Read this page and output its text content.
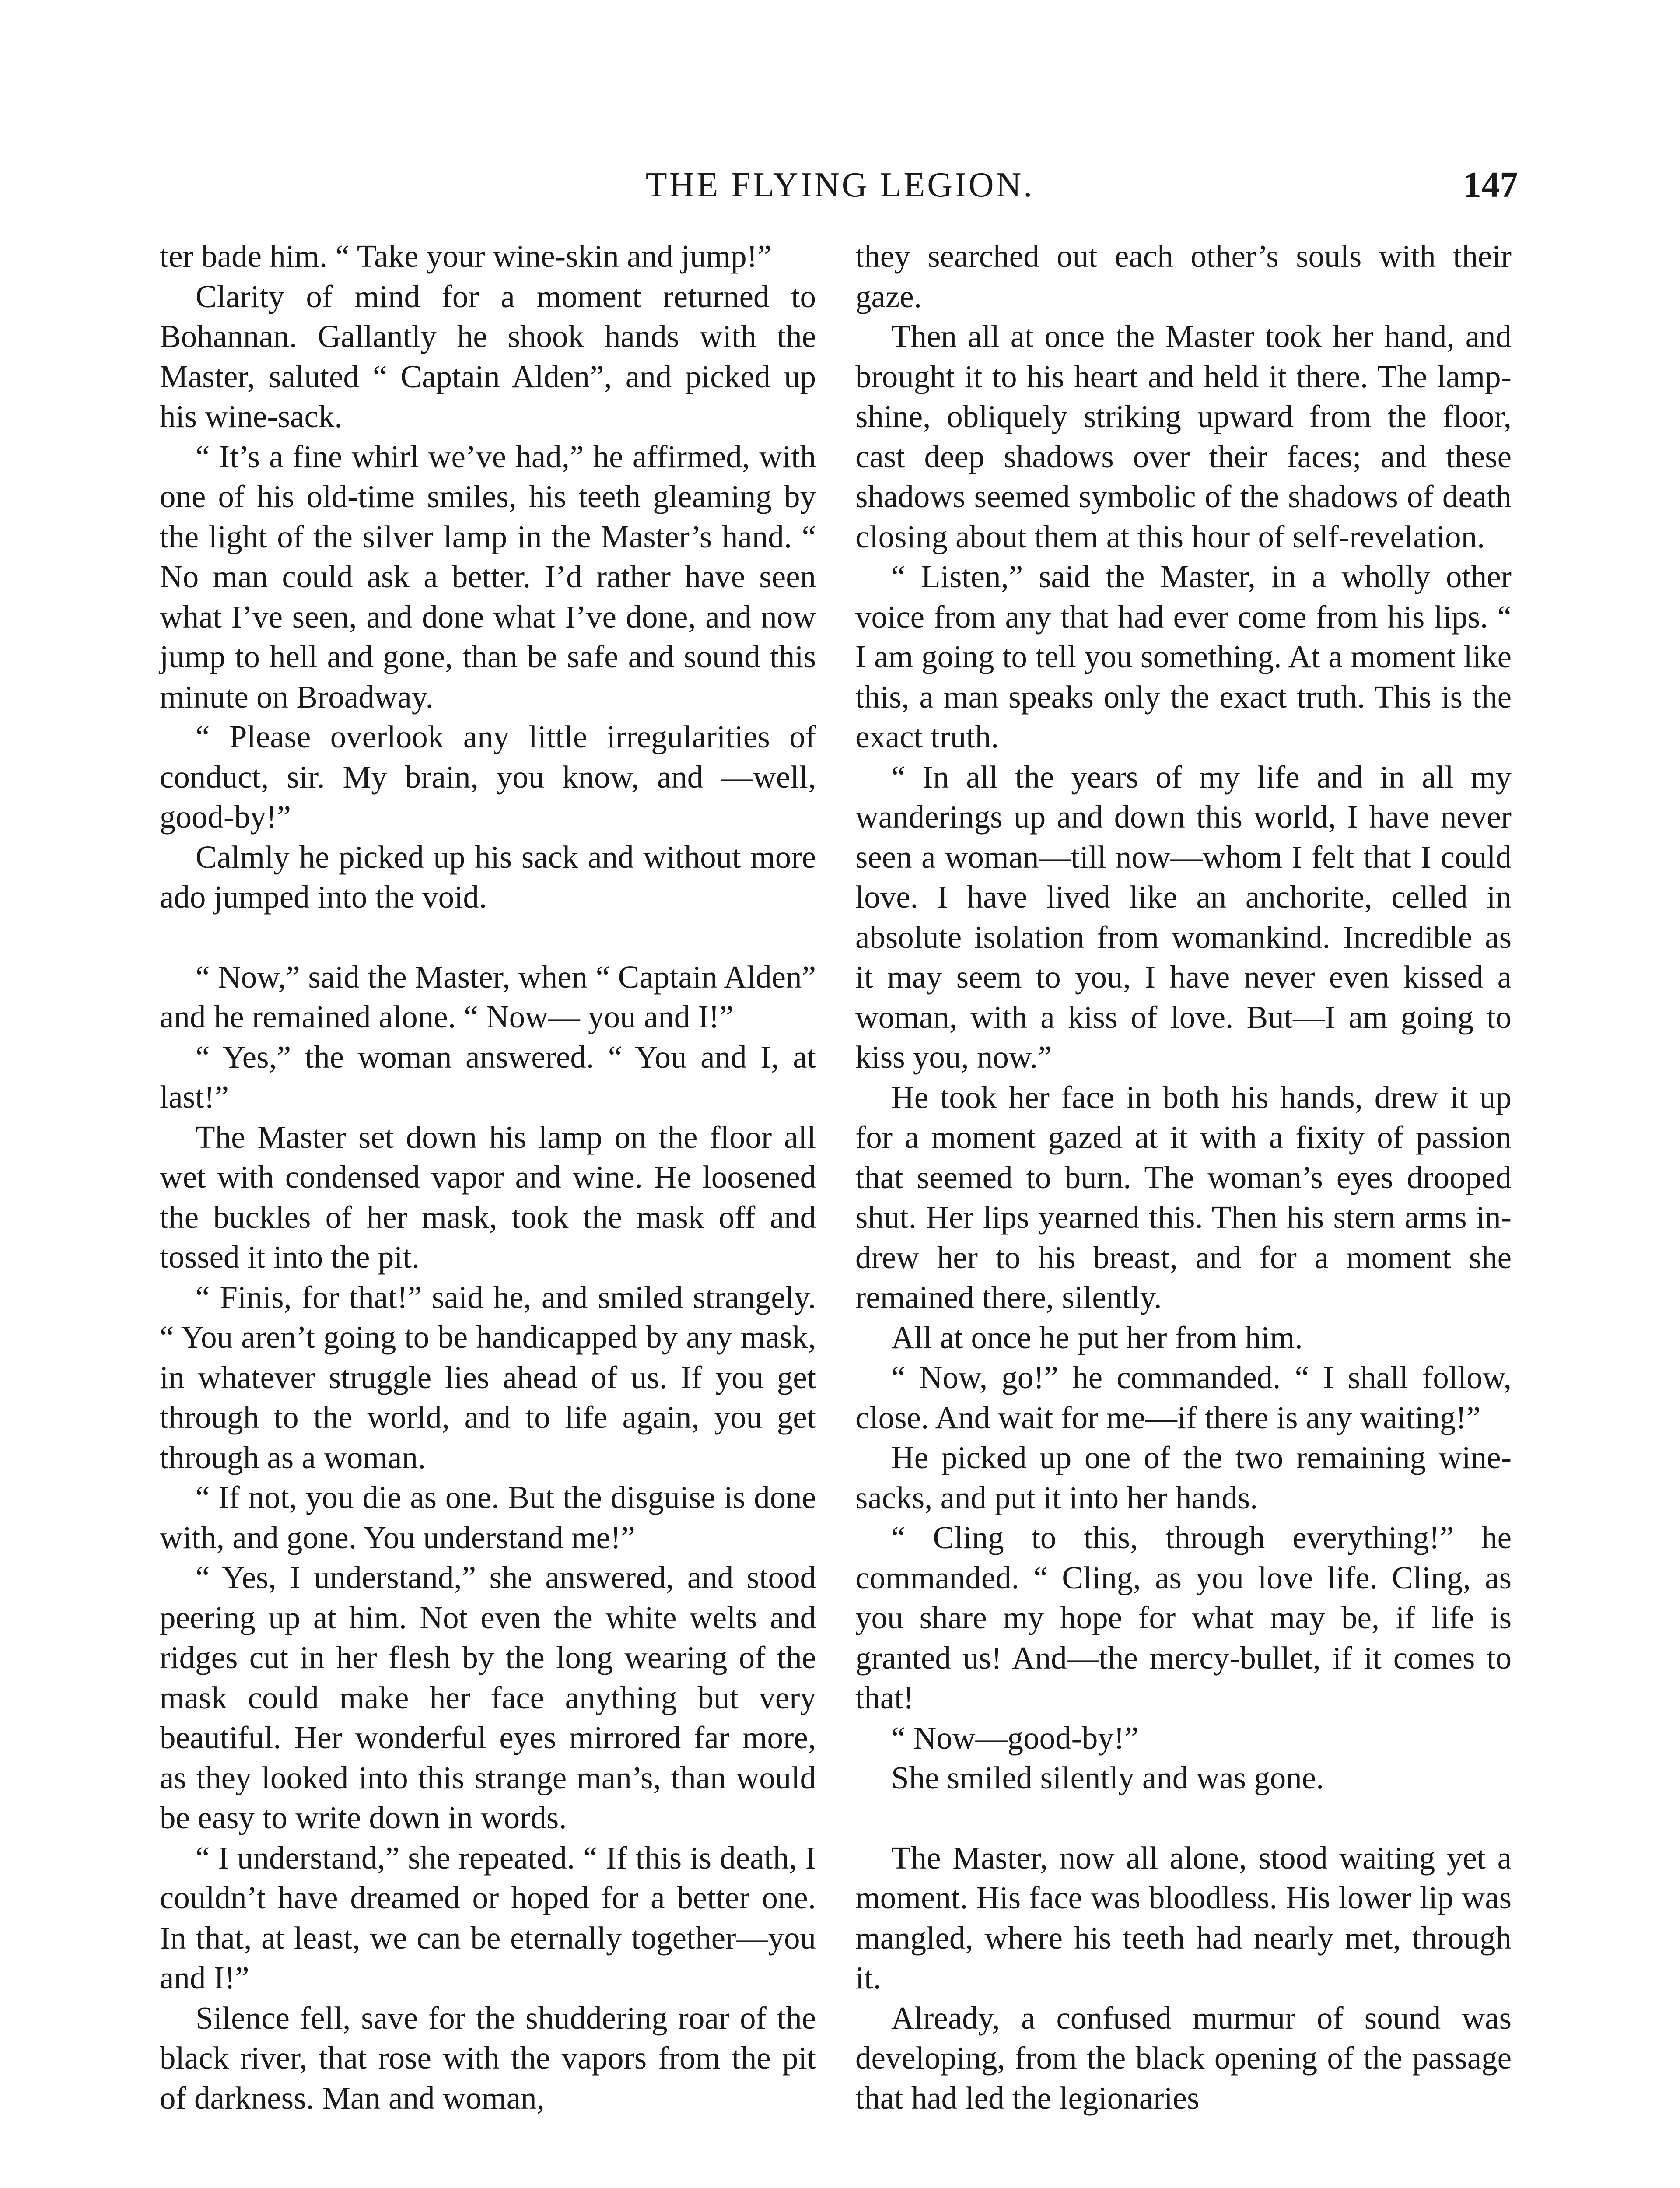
THE FLYING LEGION.	147

ter bade him. “ Take your wine-skin and jump!”

Clarity of mind for a moment returned to Bohannan. Gallantly he shook hands with the Master, saluted “ Captain Alden”, and picked up his wine-sack.

“ It’s a fine whirl we’ve had,” he affirmed, with one of his old-time smiles, his teeth gleaming by the light of the silver lamp in the Master’s hand. “ No man could ask a better. I’d rather have seen what I’ve seen, and done what I’ve done, and now jump to hell and gone, than be safe and sound this minute on Broadway.

“ Please overlook any little irregularities of conduct, sir. My brain, you know, and —well, good-by!”

Calmly he picked up his sack and without more ado jumped into the void.

“ Now,” said the Master, when “ Captain Alden” and he remained alone. “ Now— you and I!”

“ Yes,” the woman answered. “ You and I, at last!”

The Master set down his lamp on the floor all wet with condensed vapor and wine. He loosened the buckles of her mask, took the mask off and tossed it into the pit.

“ Finis, for that!” said he, and smiled strangely. “ You aren’t going to be handicapped by any mask, in whatever struggle lies ahead of us. If you get through to the world, and to life again, you get through as a woman.

“ If not, you die as one. But the disguise is done with, and gone. You understand me!”

“ Yes, I understand,” she answered, and stood peering up at him. Not even the white welts and ridges cut in her flesh by the long wearing of the mask could make her face anything but very beautiful. Her wonderful eyes mirrored far more, as they looked into this strange man’s, than would be easy to write down in words.

“ I understand,” she repeated. “ If this is death, I couldn’t have dreamed or hoped for a better one. In that, at least, we can be eternally together—you and I!”

Silence fell, save for the shuddering roar of the black river, that rose with the vapors from the pit of darkness. Man and woman,

they searched out each other’s souls with their gaze.

Then all at once the Master took her hand, and brought it to his heart and held it there. The lamp-shine, obliquely striking upward from the floor, cast deep shadows over their faces; and these shadows seemed symbolic of the shadows of death closing about them at this hour of self-revelation.

“ Listen,” said the Master, in a wholly other voice from any that had ever come from his lips. “ I am going to tell you something. At a moment like this, a man speaks only the exact truth. This is the exact truth.

“ In all the years of my life and in all my wanderings up and down this world, I have never seen a woman—till now—whom I felt that I could love. I have lived like an anchorite, celled in absolute isolation from womankind. Incredible as it may seem to you, I have never even kissed a woman, with a kiss of love. But—I am going to kiss you, now.”

He took her face in both his hands, drew it up for a moment gazed at it with a fixity of passion that seemed to burn. The woman’s eyes drooped shut. Her lips yearned this. Then his stern arms in-drew her to his breast, and for a moment she remained there, silently.

All at once he put her from him.

“ Now, go!” he commanded. “ I shall follow, close. And wait for me—if there is any waiting!”

He picked up one of the two remaining wine-sacks, and put it into her hands.

“ Cling to this, through everything!” he commanded. “ Cling, as you love life. Cling, as you share my hope for what may be, if life is granted us! And—the mercy-bullet, if it comes to that!

“ Now—good-by!”

She smiled silently and was gone.

The Master, now all alone, stood waiting yet a moment. His face was bloodless. His lower lip was mangled, where his teeth had nearly met, through it.

Already, a confused murmur of sound was developing, from the black opening of the passage that had led the legionaries
